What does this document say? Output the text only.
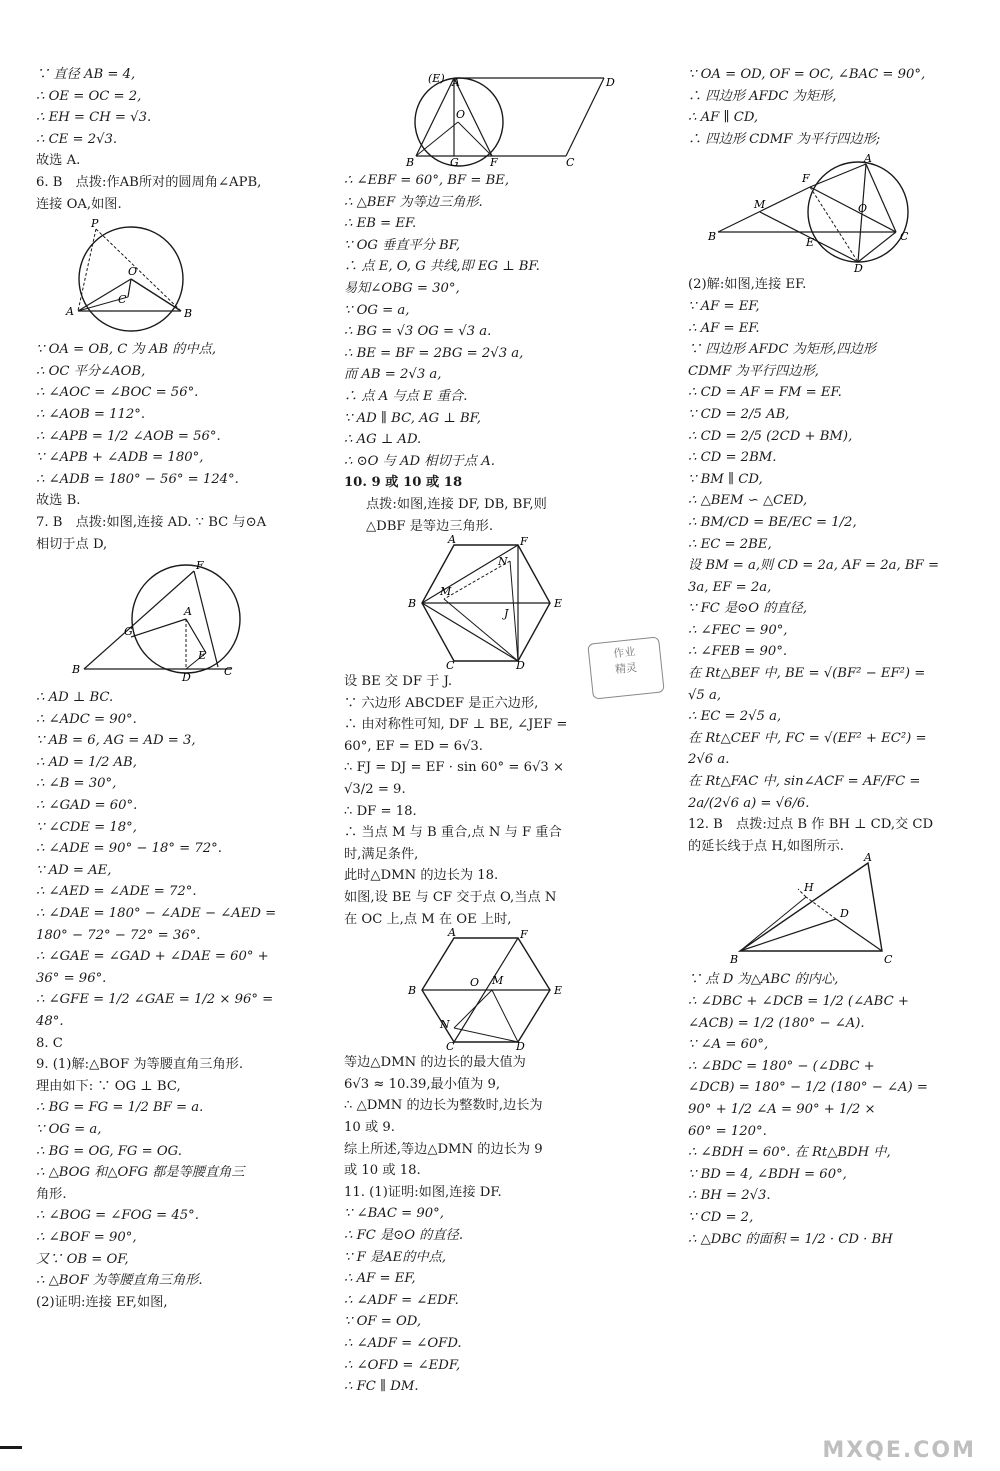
∵ 直径 AB = 4,
∴ OE = OC = 2,
∴ EH = CH = √3.
∴ CE = 2√3.
故选 A.
6. B　点拨:作AB所对的圆周角∠APB,
连接 OA,如图.
P
O
C
A	B
∵ OA = OB, C 为 AB 的中点,
∴ OC 平分∠AOB,
∴ ∠AOC = ∠BOC = 56°.
∴ ∠AOB = 112°.
∴ ∠APB = 1/2 ∠AOB = 56°.
∵ ∠APB + ∠ADB = 180°,
∴ ∠ADB = 180° − 56° = 124°.
故选 B.
7. B　点拨:如图,连接 AD. ∵ BC 与⊙A
相切于点 D,
F
A
G
E
B
D	C
∴ AD ⊥ BC.
∴ ∠ADC = 90°.
∵ AB = 6, AG = AD = 3,
∴ AD = 1/2 AB,
∴ ∠B = 30°,
∴ ∠GAD = 60°.
∵ ∠CDE = 18°,
∴ ∠ADE = 90° − 18° = 72°.
∵ AD = AE,
∴ ∠AED = ∠ADE = 72°.
∴ ∠DAE = 180° − ∠ADE − ∠AED =
180° − 72° − 72° = 36°.
∴ ∠GAE = ∠GAD + ∠DAE = 60° +
36° = 96°.
∴ ∠GFE = 1/2 ∠GAE = 1/2 × 96° =
48°.
8. C
9. (1)解:△BOF 为等腰直角三角形.
理由如下: ∵ OG ⊥ BC,
∴ BG = FG = 1/2 BF = a.
∵ OG = a,
∴ BG = OG, FG = OG.
∴ △BOG 和△OFG 都是等腰直角三
角形.
∴ ∠BOG = ∠FOG = 45°.
∴ ∠BOF = 90°,
又∵ OB = OF,
∴ △BOF 为等腰直角三角形.
(2)证明:连接 EF,如图,
(E) A	D
O
B	G	F	C
∴ ∠EBF = 60°, BF = BE,
∴ △BEF 为等边三角形.
∴ EB = EF.
∵ OG 垂直平分 BF,
∴ 点 E, O, G 共线,即 EG ⊥ BF.
易知∠OBG = 30°,
∵ OG = a,
∴ BG = √3 OG = √3 a.
∴ BE = BF = 2BG = 2√3 a,
而 AB = 2√3 a,
∴ 点 A 与点 E 重合.
∵ AD ∥ BC, AG ⊥ BF,
∴ AG ⊥ AD.
∴ ⊙O 与 AD 相切于点 A.
10. 9 或 10 或 18
点拨:如图,连接 DF, DB, BF,则
△DBF 是等边三角形.
A	F
N
B
M
J
E
C	D
设 BE 交 DF 于 J.
∵ 六边形 ABCDEF 是正六边形,
∴ 由对称性可知, DF ⊥ BE, ∠JEF =
60°, EF = ED = 6√3.
∴ FJ = DJ = EF · sin 60° = 6√3 ×
√3/2 = 9.
∴ DF = 18.
∴ 当点 M 与 B 重合,点 N 与 F 重合
时,满足条件,
此时△DMN 的边长为 18.
如图,设 BE 与 CF 交于点 O,当点 N
在 OC 上,点 M 在 OE 上时,
A	F
O M
B	E
N
C	D
等边△DMN 的边长的最大值为
6√3 ≈ 10.39,最小值为 9,
∴ △DMN 的边长为整数时,边长为
10 或 9.
综上所述,等边△DMN 的边长为 9
或 10 或 18.
11. (1)证明:如图,连接 DF.
∵ ∠BAC = 90°,
∴ FC 是⊙O 的直径.
∵ F 是AE的中点,
∴ AF = EF,
∴ ∠ADF = ∠EDF.
∵ OF = OD,
∴ ∠ADF = ∠OFD.
∴ ∠OFD = ∠EDF,
∴ FC ∥ DM.
∵ OA = OD, OF = OC, ∠BAC = 90°,
∴ 四边形 AFDC 为矩形,
∴ AF ∥ CD,
∴ 四边形 CDMF 为平行四边形;
A
F
M	O
B	E	C
D
(2)解:如图,连接 EF.
∵ AF = EF,
∴ AF = EF.
∵ 四边形 AFDC 为矩形,四边形
CDMF 为平行四边形,
∴ CD = AF = FM = EF.
∵ CD = 2/5 AB,
∴ CD = 2/5 (2CD + BM),
∴ CD = 2BM.
∵ BM ∥ CD,
∴ △BEM ∽ △CED,
∴ BM/CD = BE/EC = 1/2,
∴ EC = 2BE,
设 BM = a,则 CD = 2a, AF = 2a, BF =
3a, EF = 2a,
∵ FC 是⊙O 的直径,
∴ ∠FEC = 90°,
∴ ∠FEB = 90°.
在 Rt△BEF 中, BE = √(BF² − EF²) =
√5 a,
∴ EC = 2√5 a,
在 Rt△CEF 中, FC = √(EF² + EC²) =
2√6 a.
在 Rt△FAC 中, sin∠ACF = AF/FC =
2a/(2√6 a) = √6/6.
12. B　点拨:过点 B 作 BH ⊥ CD,交 CD
的延长线于点 H,如图所示.
A
H
D
B	C
∵ 点 D 为△ABC 的内心,
∴ ∠DBC + ∠DCB = 1/2 (∠ABC +
∠ACB) = 1/2 (180° − ∠A).
∵ ∠A = 60°,
∴ ∠BDC = 180° − (∠DBC +
∠DCB) = 180° − 1/2 (180° − ∠A) =
90° + 1/2 ∠A = 90° + 1/2 ×
60° = 120°.
∴ ∠BDH = 60°. 在 Rt△BDH 中,
∵ BD = 4, ∠BDH = 60°,
∴ BH = 2√3.
∵ CD = 2,
∴ △DBC 的面积 = 1/2 · CD · BH
作业
精灵
MXQE.COM
